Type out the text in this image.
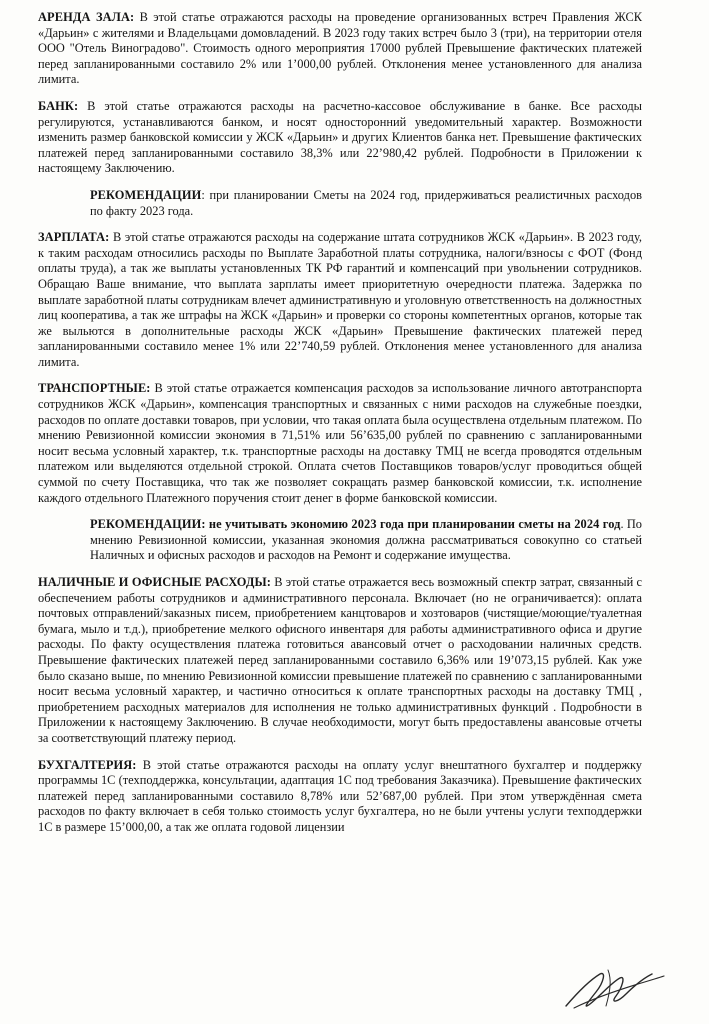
АРЕНДА ЗАЛА: В этой статье отражаются расходы на проведение организованных встреч Правления ЖСК «Дарьин» с жителями и Владельцами домовладений. В 2023 году таких встреч было 3 (три), на территории отеля ООО "Отель Виноградово". Стоимость одного мероприятия 17000 рублей Превышение фактических платежей перед запланированными составило 2% или 1’000,00 рублей. Отклонения менее установленного для анализа лимита.

БАНК: В этой статье отражаются расходы на расчетно-кассовое обслуживание в банке. Все расходы регулируются, устанавливаются банком, и носят односторонний уведомительный характер. Возможности изменить размер банковской комиссии у ЖСК «Дарьин» и других Клиентов банка нет. Превышение фактических платежей перед запланированными составило 38,3% или 22’980,42 рублей. Подробности в Приложении к настоящему Заключению.

РЕКОМЕНДАЦИИ: при планировании Сметы на 2024 год, придерживаться реалистичных расходов по факту 2023 года.

ЗАРПЛАТА: В этой статье отражаются расходы на содержание штата сотрудников ЖСК «Дарьин». В 2023 году, к таким расходам относились расходы по Выплате Заработной платы сотрудника, налоги/взносы с ФОТ (Фонд оплаты труда), а так же выплаты установленных ТК РФ гарантий и компенсаций при увольнении сотрудников. Обращаю Ваше внимание, что выплата зарплаты имеет приоритетную очередности платежа. Задержка по выплате заработной платы сотрудникам влечет административную и уголовную ответственность на должностных лиц кооператива, а так же штрафы на ЖСК «Дарьин» и проверки со стороны компетентных органов, которые так же выльются в дополнительные расходы ЖСК «Дарьин» Превышение фактических платежей перед запланированными составило менее 1% или 22’740,59 рублей. Отклонения менее установленного для анализа лимита.

ТРАНСПОРТНЫЕ: В этой статье отражается компенсация расходов за использование личного автотранспорта сотрудников ЖСК «Дарьин», компенсация транспортных и связанных с ними расходов на служебные поездки, расходов по оплате доставки товаров, при условии, что такая оплата была осуществлена отдельным платежом. По мнению Ревизионной комиссии экономия в 71,51% или 56’635,00 рублей по сравнению с запланированными носит весьма условный характер, т.к. транспортные расходы на доставку ТМЦ не всегда проводятся отдельным платежом или выделяются отдельной строкой. Оплата счетов Поставщиков товаров/услуг проводиться общей суммой по счету Поставщика, что так же позволяет сокращать размер банковской комиссии, т.к. исполнение каждого отдельного Платежного поручения стоит денег в форме банковской комиссии.

РЕКОМЕНДАЦИИ: не учитывать экономию 2023 года при планировании сметы на 2024 год. По мнению Ревизионной комиссии, указанная экономия должна рассматриваться совокупно со статьей Наличных и офисных расходов и расходов на Ремонт и содержание имущества.

НАЛИЧНЫЕ И ОФИСНЫЕ РАСХОДЫ: В этой статье отражается весь возможный спектр затрат, связанный с обеспечением работы сотрудников и административного персонала. Включает (но не ограничивается): оплата почтовых отправлений/заказных писем, приобретением канцтоваров и хозтоваров (чистящие/моющие/туалетная бумага, мыло и т.д.), приобретение мелкого офисного инвентаря для работы административного офиса и другие расходы. По факту осуществления платежа готовиться авансовый отчет о расходовании наличных средств. Превышение фактических платежей перед запланированными составило 6,36% или 19’073,15 рублей. Как уже было сказано выше, по мнению Ревизионной комиссии превышение платежей по сравнению с запланированными носит весьма условный характер, и частично относиться к оплате транспортных расходы на доставку ТМЦ , приобретением расходных материалов для исполнения не только административных функций . Подробности в Приложении к настоящему Заключению. В случае необходимости, могут быть предоставлены авансовые отчеты за соответствующий платежу период.

БУХГАЛТЕРИЯ: В этой статье отражаются расходы на оплату услуг внештатного бухгалтер и поддержку программы 1С (техподдержка, консультации, адаптация 1С под требования Заказчика). Превышение фактических платежей перед запланированными составило 8,78% или 52’687,00 рублей. При этом утверждённая смета расходов по факту включает в себя только стоимость услуг бухгалтера, но не были учтены услуги техподдержки 1С в размере 15’000,00, а так же оплата годовой лицензии
